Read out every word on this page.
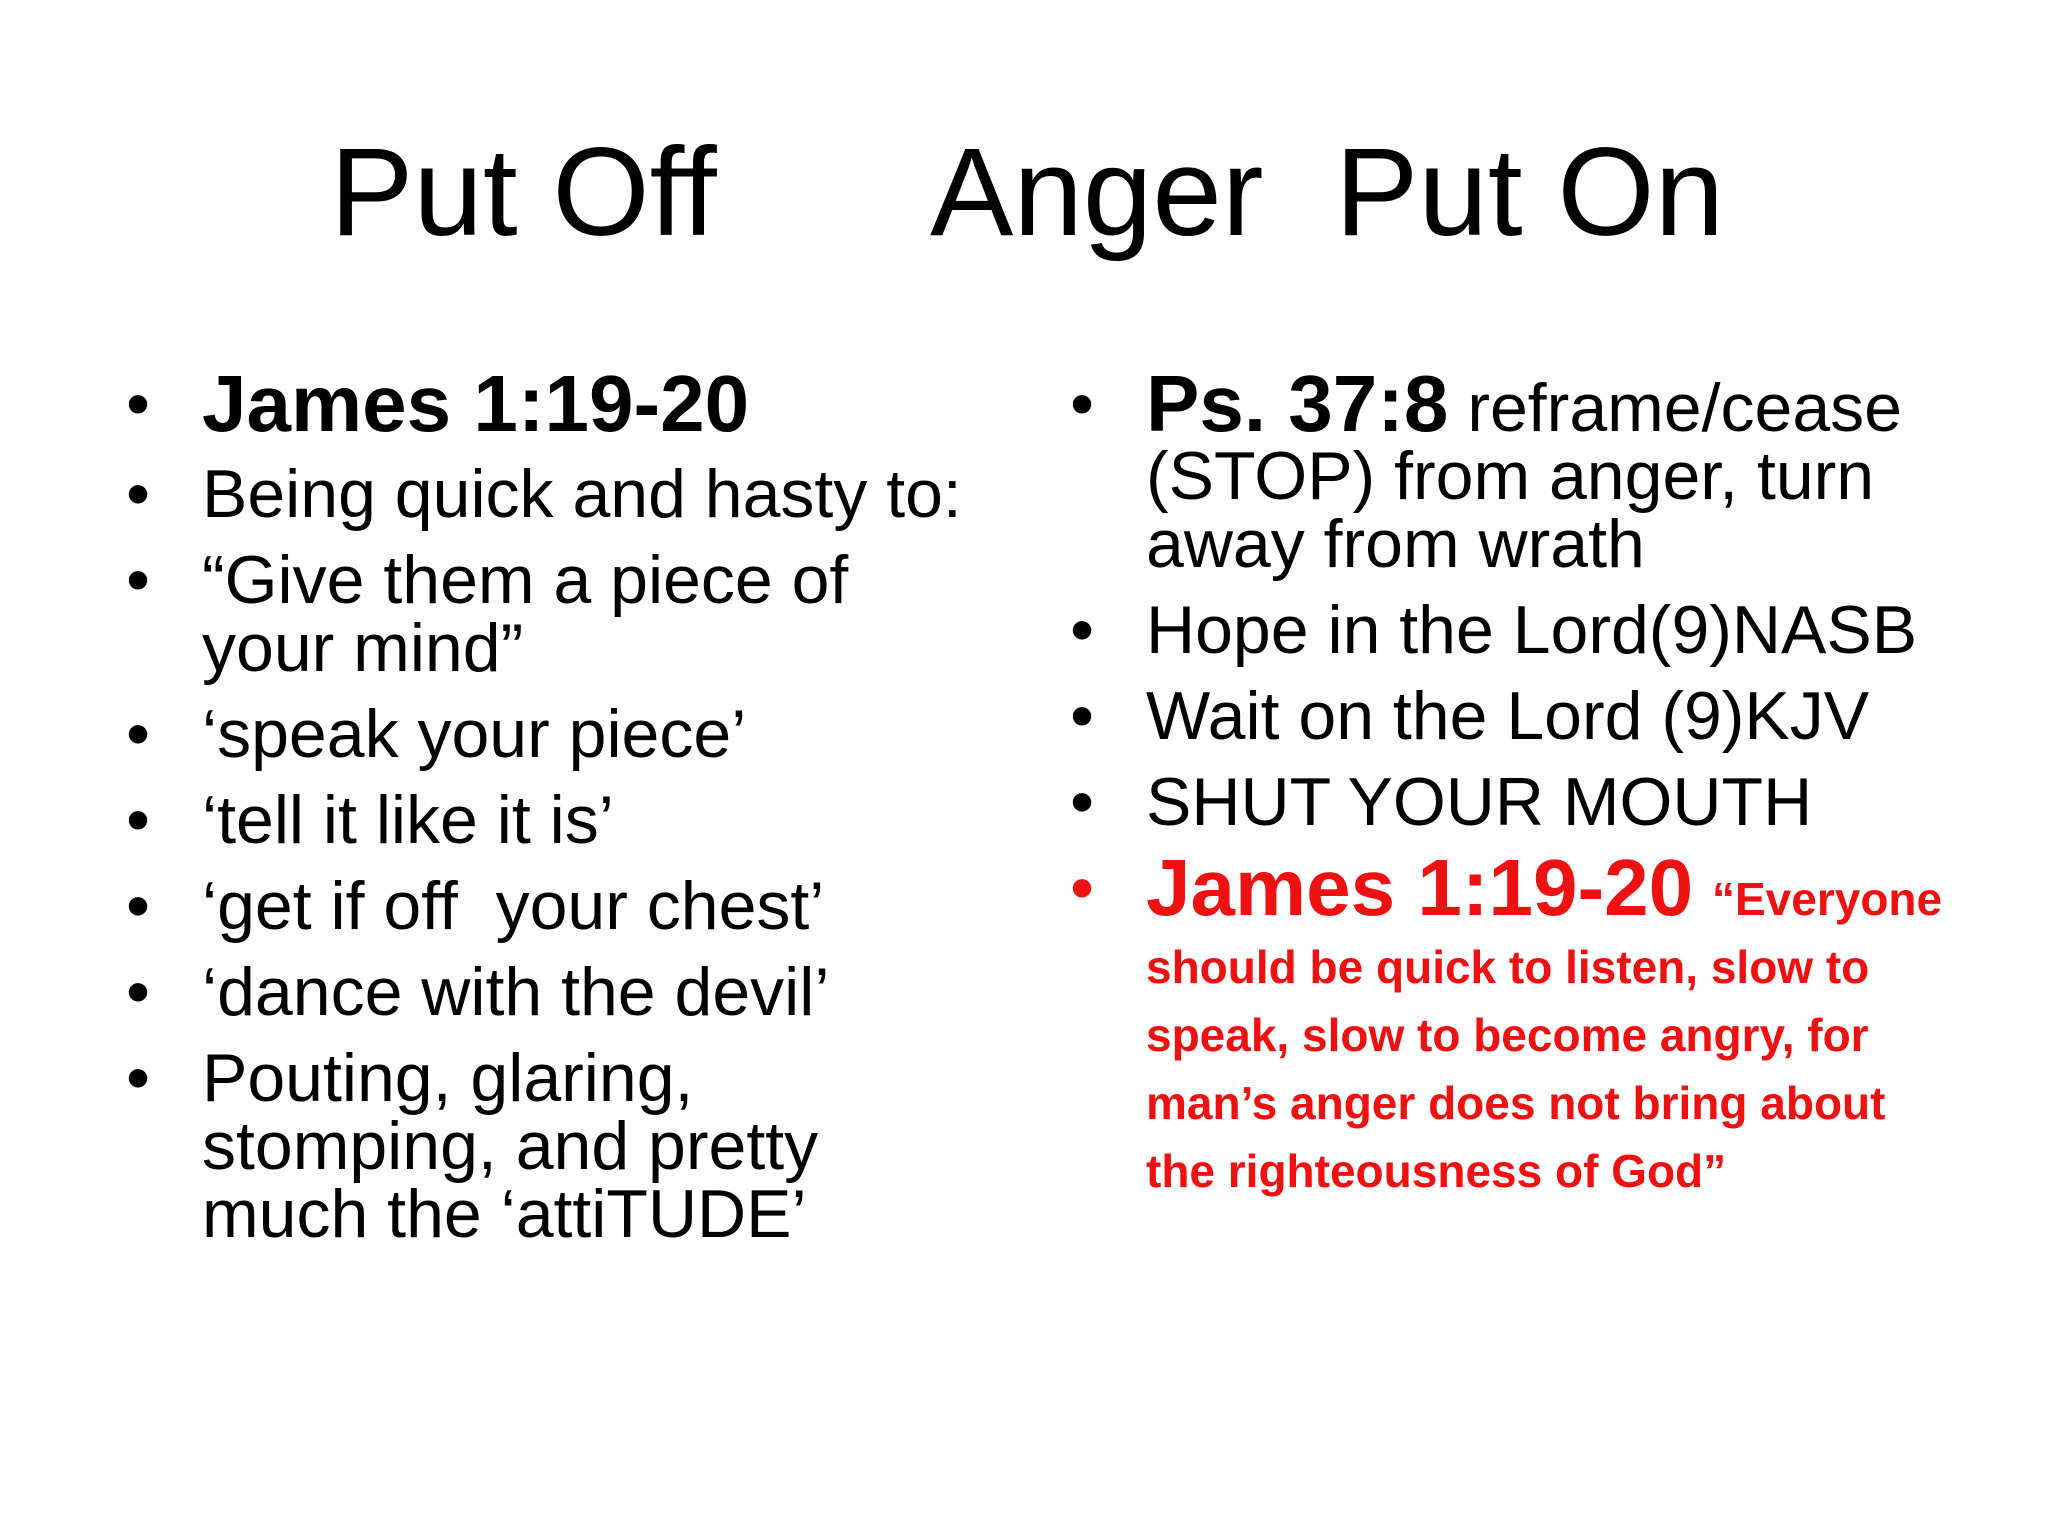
Put Off Anger Put On
• James 1:19-20
• Being quick and hasty to:
• “Give them a piece of your mind”
• ‘speak your piece’
• ‘tell it like it is’
• ‘get if off  your chest’
• ‘dance with the devil’
• Pouting, glaring, stomping, and pretty much the ‘attiTUDE’
• Ps. 37:8 reframe/cease (STOP) from anger, turn away from wrath
• Hope in the Lord(9)NASB
• Wait on the Lord (9)KJV
• SHUT YOUR MOUTH
• James 1:19-20 “Everyone should be quick to listen, slow to speak, slow to become angry, for man’s anger does not bring about the righteousness of God”
